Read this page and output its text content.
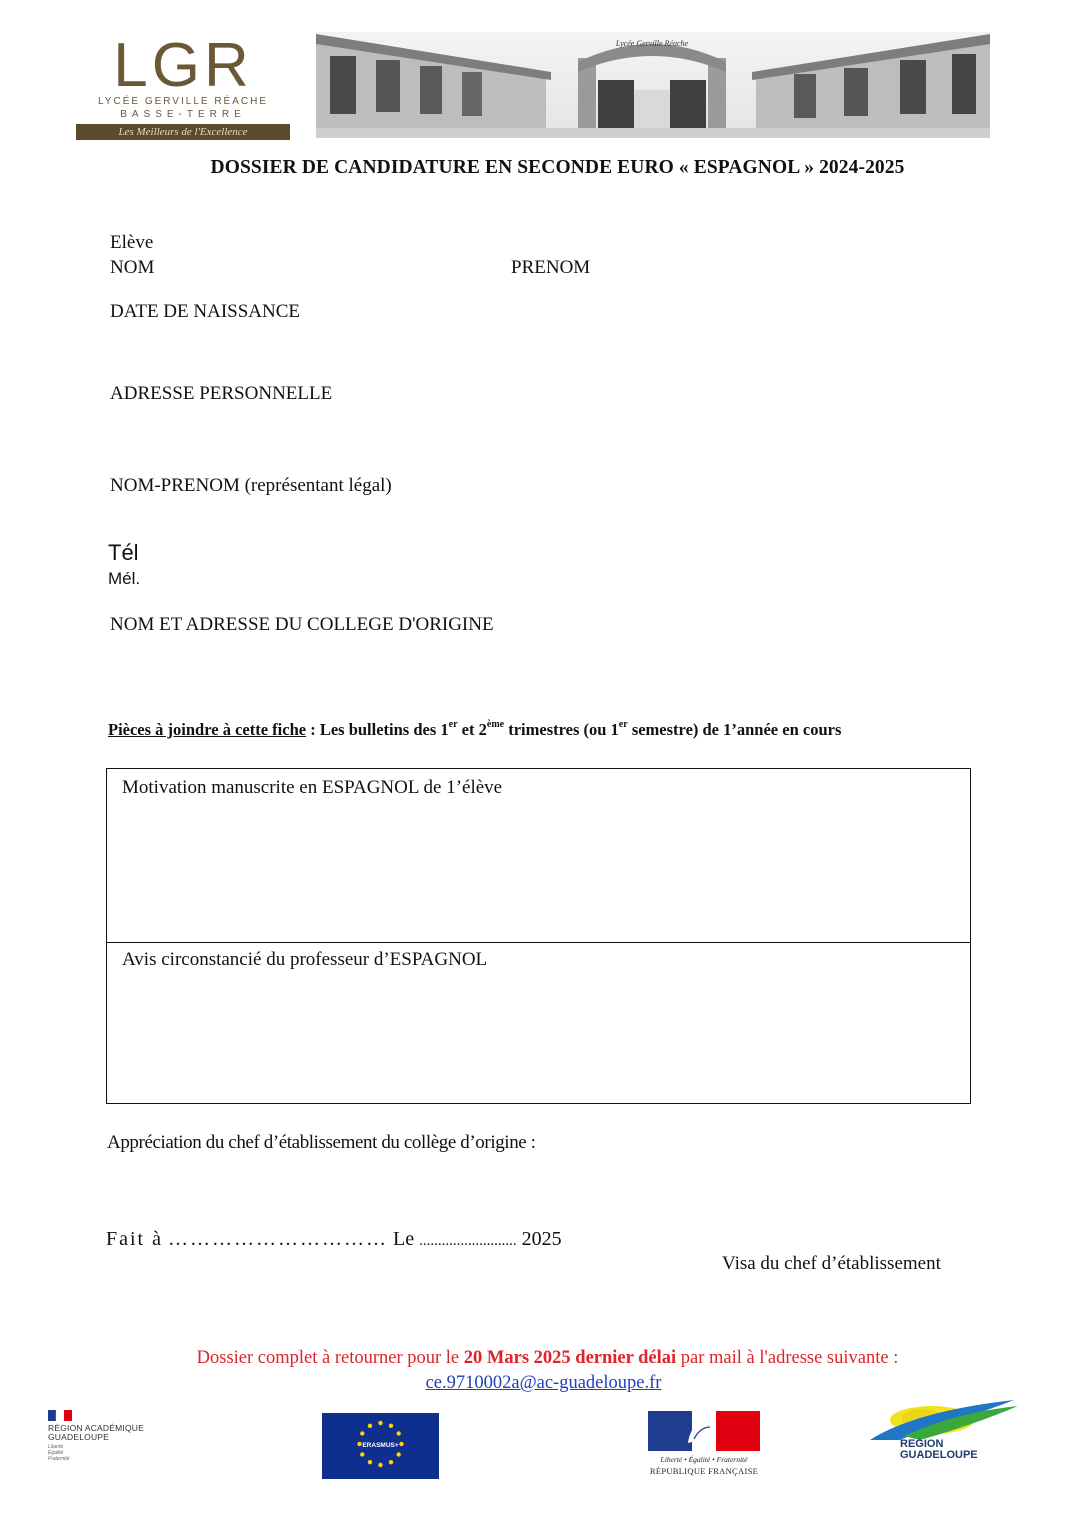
LGR
LYCÉE GERVILLE RÉACHE
BASSE-TERRE
Les Meilleurs de l'Excellence
Lycée Gerville Réache
DOSSIER DE CANDIDATURE EN SECONDE EURO « ESPAGNOL » 2024-2025
Elève
NOM	PRENOM
DATE DE NAISSANCE
ADRESSE PERSONNELLE
NOM-PRENOM (représentant légal)
Tél
Mél.
NOM ET ADRESSE DU COLLEGE D'ORIGINE
Pièces à joindre à cette fiche : Les bulletins des 1er et 2ème trimestres (ou 1er semestre) de 1’année en cours
Motivation manuscrite en ESPAGNOL de 1’élève
Avis circonstancié du professeur d’ESPAGNOL
Appréciation du chef d’établissement du collège d’origine :
Fait à ………………………… Le .......................... 2025
Visa du chef d’établissement
Dossier complet à retourner pour le 20 Mars 2025 dernier délai par mail à l'adresse suivante :
ce.9710002a@ac-guadeloupe.fr
RÉGION ACADÉMIQUE
GUADELOUPE
Liberté
Égalité
Fraternité
ERASMUS+
Liberté • Égalité • Fraternité
RÉPUBLIQUE FRANÇAISE
REGION
GUADELOUPE
